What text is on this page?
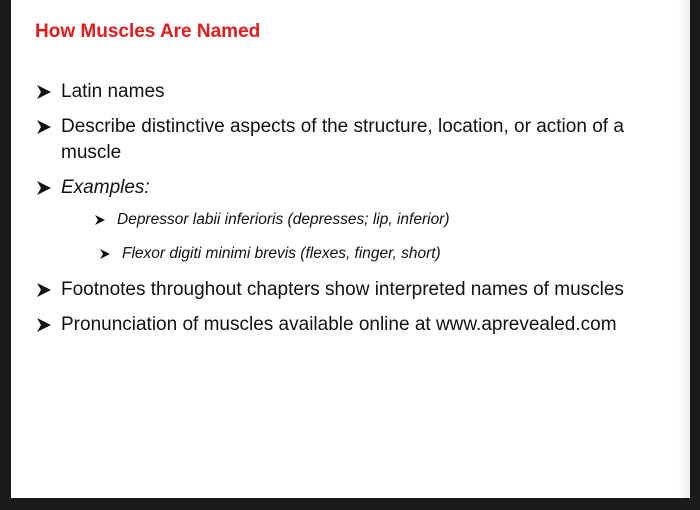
How Muscles Are Named
Latin names
Describe distinctive aspects of the structure, location, or action of a muscle
Examples:
Depressor labii inferioris (depresses; lip, inferior)
Flexor digiti minimi brevis (flexes, finger, short)
Footnotes throughout chapters show interpreted names of muscles
Pronunciation of muscles available online at www.aprevealed.com
